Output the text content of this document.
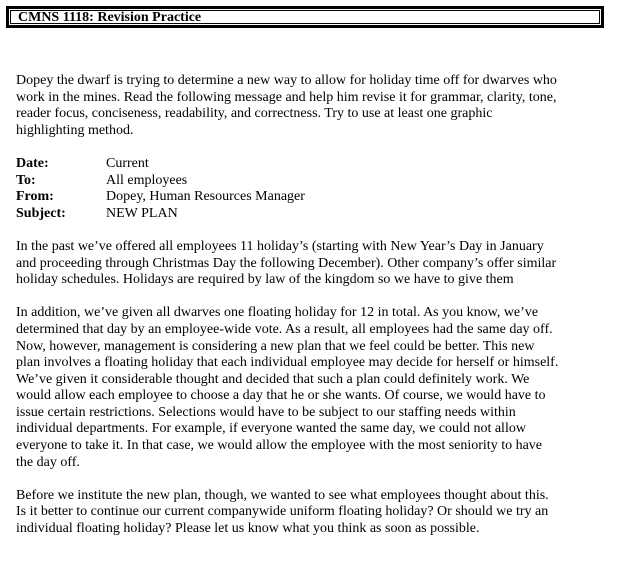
CMNS 1118: Revision Practice

Dopey the dwarf is trying to determine a new way to allow for holiday time off for dwarves who
work in the mines. Read the following message and help him revise it for grammar, clarity, tone,
reader focus, conciseness, readability, and correctness. Try to use at least one graphic
highlighting method.

Date:	Current
To:	All employees
From:	Dopey, Human Resources Manager
Subject:	NEW PLAN

In the past we’ve offered all employees 11 holiday’s (starting with New Year’s Day in January
and proceeding through Christmas Day the following December). Other company’s offer similar
holiday schedules. Holidays are required by law of the kingdom so we have to give them

In addition, we’ve given all dwarves one floating holiday for 12 in total. As you know, we’ve
determined that day by an employee-wide vote. As a result, all employees had the same day off.
Now, however, management is considering a new plan that we feel could be better. This new
plan involves a floating holiday that each individual employee may decide for herself or himself.
We’ve given it considerable thought and decided that such a plan could definitely work. We
would allow each employee to choose a day that he or she wants. Of course, we would have to
issue certain restrictions. Selections would have to be subject to our staffing needs within
individual departments. For example, if everyone wanted the same day, we could not allow
everyone to take it. In that case, we would allow the employee with the most seniority to have
the day off.

Before we institute the new plan, though, we wanted to see what employees thought about this.
Is it better to continue our current companywide uniform floating holiday? Or should we try an
individual floating holiday? Please let us know what you think as soon as possible.
